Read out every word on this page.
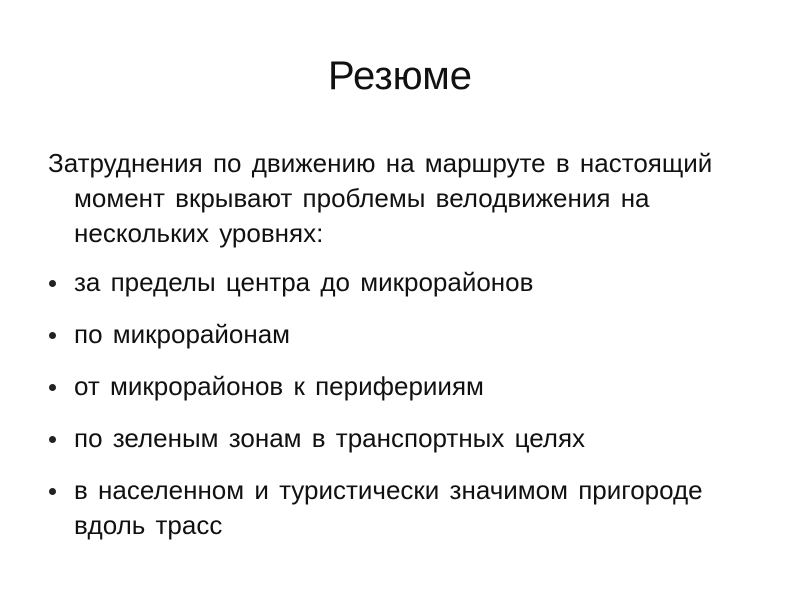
Резюме

Затруднения по движению на маршруте в настоящий момент вкрывают проблемы велодвижения на нескольких уровнях:

за пределы центра до микрорайонов
по микрорайонам
от микрорайонов к периферииям
по зеленым зонам в транспортных целях
в населенном и туристически значимом пригороде вдоль трасс
